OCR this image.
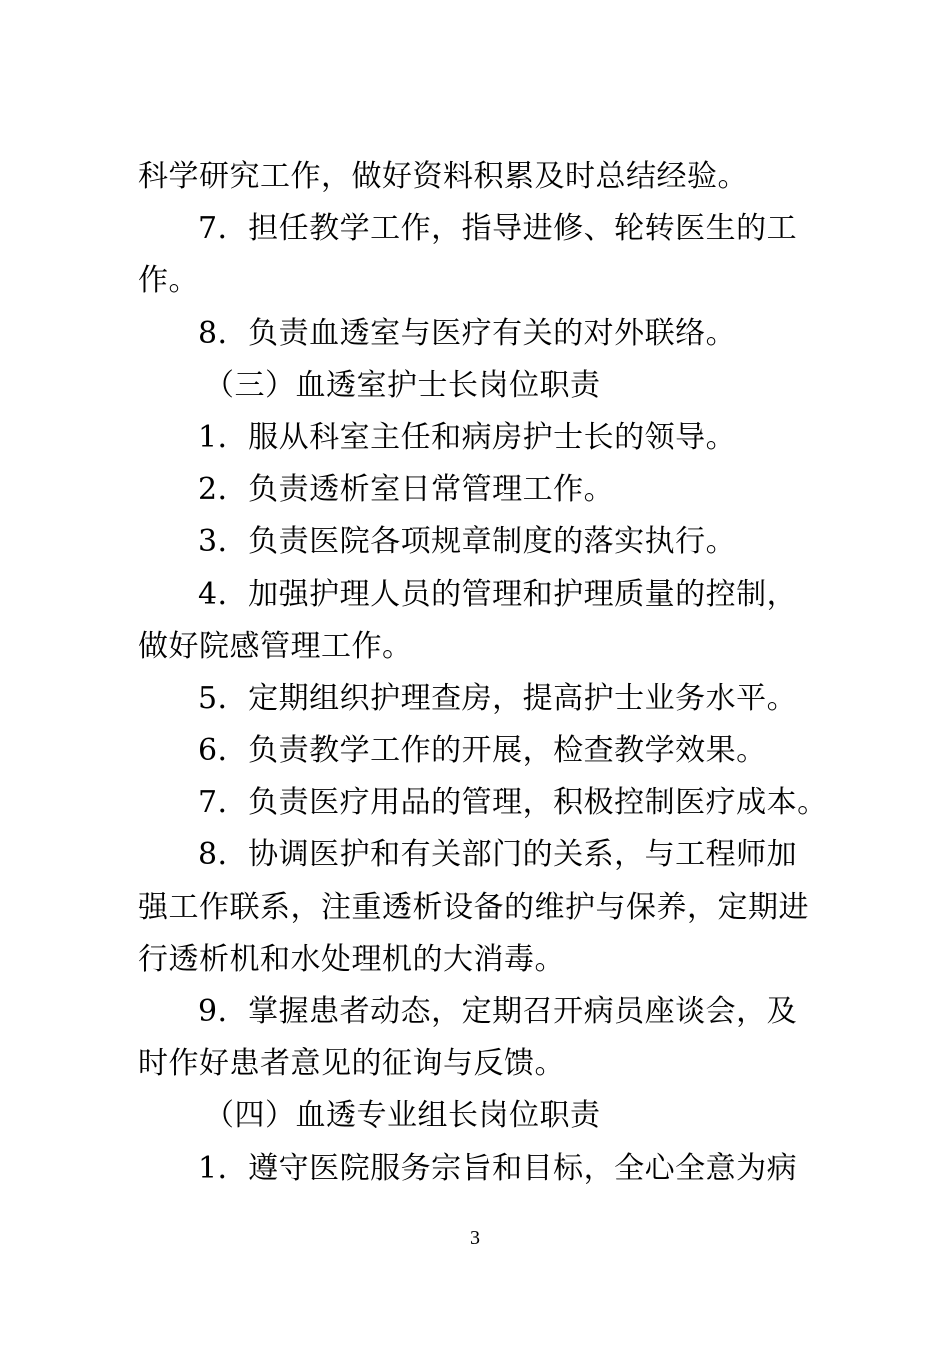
科学研究工作，做好资料积累及时总结经验。
7．担任教学工作，指导进修、轮转医生的工
作。
8．负责血透室与医疗有关的对外联络。
（三）血透室护士长岗位职责
1．服从科室主任和病房护士长的领导。
2．负责透析室日常管理工作。
3．负责医院各项规章制度的落实执行。
4．加强护理人员的管理和护理质量的控制，
做好院感管理工作。
5．定期组织护理查房，提高护士业务水平。
6．负责教学工作的开展，检查教学效果。
7．负责医疗用品的管理，积极控制医疗成本。
8．协调医护和有关部门的关系，与工程师加
强工作联系，注重透析设备的维护与保养，定期进
行透析机和水处理机的大消毒。
9．掌握患者动态，定期召开病员座谈会，及
时作好患者意见的征询与反馈。
（四）血透专业组长岗位职责
1．遵守医院服务宗旨和目标，全心全意为病
3
